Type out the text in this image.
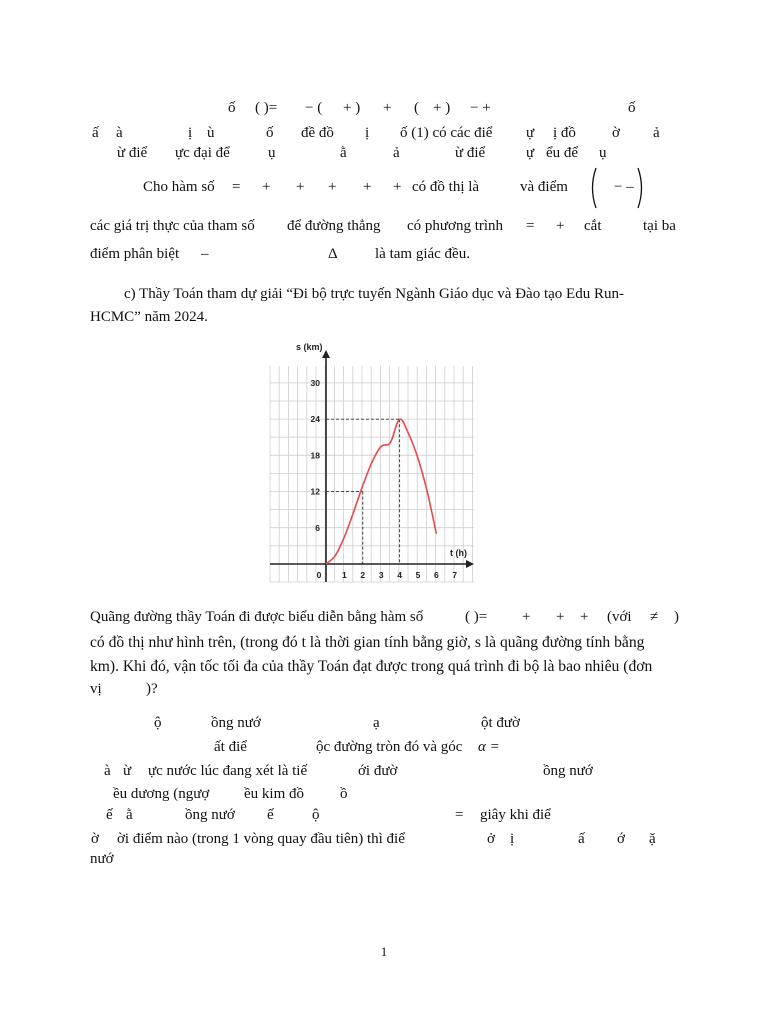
ố ( )= − ( + ) + ( + ) − +	ố
ấ à	ị ù	ố đề đồ ị ố (1) có các điể ự ị đồ ờ ả
ừ điể ực đại để	ụ	ằ	ả	ừ điể	ự ểu để ụ
Cho hàm số = + + + + + có đồ thị là	và điểm	− –
các giá trị thực của tham số để đường thẳng có phương trình = + cắt	tại ba
điểm phân biệt –	Δ là tam giác đều.
c) Thầy Toán tham dự giải “Đi bộ trực tuyến Ngành Giáo dục và Đào tạo Edu Run-
HCMC” năm 2024.
s (km)
t (h)
6
12
18
24
30
0 1 2 3 4 5 6 7
Quãng đường thầy Toán đi được biểu diễn bằng hàm số	( )= + + + (với ≠ )
có đồ thị như hình trên, (trong đó t là thời gian tính bằng giờ, s là quãng đường tính bằng
km). Khi đó, vận tốc tối đa của thầy Toán đạt được trong quá trình đi bộ là bao nhiêu (đơn
vị	)?
ộ	ồng nướ	ạ	ột đườ
ất điể	ộc đường tròn đó và góc α =
à ừ ực nước lúc đang xét là tiế	ới đườ	ồng nướ
ều dương (ngượ ều kim đồ ồ
ế ằ	ồng nướ ế	ộ	= giây khi điể
ờ ời điểm nào (trong 1 vòng quay đầu tiên) thì điể	ở ị	ấ ớ ặ
nướ
1
